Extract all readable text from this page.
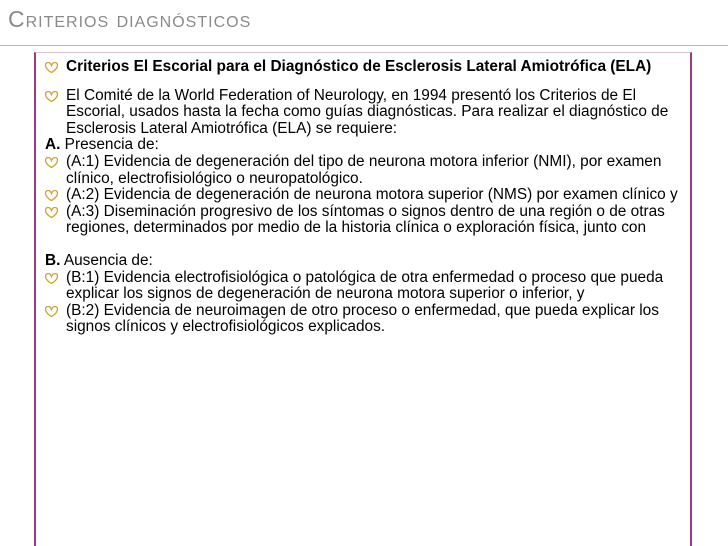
Criterios diagnósticos
Criterios El Escorial para el Diagnóstico de Esclerosis Lateral Amiotrófica (ELA)
El Comité de la World Federation of Neurology, en 1994 presentó los Criterios de El Escorial, usados hasta la fecha como guías diagnósticas. Para realizar el diagnóstico de Esclerosis Lateral Amiotrófica (ELA) se requiere:
A. Presencia de:
(A:1) Evidencia de degeneración del tipo de neurona motora inferior (NMI), por examen clínico, electrofisiológico o neuropatológico.
(A:2) Evidencia de degeneración de neurona motora superior (NMS) por examen clínico y
(A:3) Diseminación progresivo de los síntomas o signos dentro de una región o de otras regiones, determinados por medio de la historia clínica o exploración física, junto con
B. Ausencia de:
(B:1) Evidencia electrofisiológica o patológica de otra enfermedad o proceso que pueda explicar los signos de degeneración de neurona motora superior o inferior, y
(B:2) Evidencia de neuroimagen de otro proceso o enfermedad, que pueda explicar los signos clínicos y electrofisiológicos explicados.
